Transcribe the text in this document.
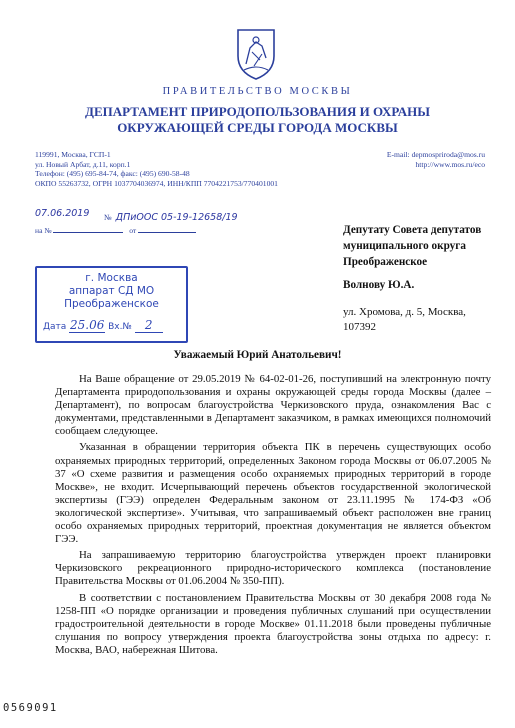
ПРАВИТЕЛЬСТВО МОСКВЫ
ДЕПАРТАМЕНТ ПРИРОДОПОЛЬЗОВАНИЯ И ОХРАНЫ
ОКРУЖАЮЩЕЙ СРЕДЫ ГОРОДА МОСКВЫ
119991, Москва, ГСП-1
ул. Новый Арбат, д.11, корп.1
Телефон: (495) 695-84-74, факс: (495) 690-58-48
ОКПО 55263732, ОГРН 1037704036974, ИНН/КПП 7704221753/770401001
E-mail: depmospriroda@mos.ru
http://www.mos.ru/eco
07.06.2019 № ДПиООС 05-19-12658/19
на №	от	Депутату Совета депутатов
муниципального округа
Преображенское
Волнову Ю.А.
ул. Хромова, д. 5, Москва,
107392
г. Москва
аппарат СД МО
Преображенское
Дата 25.06 Вх.№ 2
Уважаемый Юрий Анатольевич!

На Ваше обращение от 29.05.2019 № 64-02-01-26, поступивший на электронную почту Департамента природопользования и охраны окружающей среды города Москвы (далее – Департамент), по вопросам благоустройства Черкизовского пруда, ознакомления Вас с документами, представленными в Департамент заказчиком, в рамках имеющихся полномочий сообщаем следующее.

Указанная в обращении территория объекта ПК в перечень существующих особо охраняемых природных территорий, определенных Законом города Москвы от 06.07.2005 № 37 «О схеме развития и размещения особо охраняемых природных территорий в городе Москве», не входит. Исчерпывающий перечень объектов государственной экологической экспертизы (ГЭЭ) определен Федеральным законом от 23.11.1995 № 174-ФЗ «Об экологической экспертизе». Учитывая, что запрашиваемый объект расположен вне границ особо охраняемых природных территорий, проектная документация не является объектом ГЭЭ.

На запрашиваемую территорию благоустройства утвержден проект планировки Черкизовского рекреационного природно-исторического комплекса (постановление Правительства Москвы от 01.06.2004 № 350-ПП).

В соответствии с постановлением Правительства Москвы от 30 декабря 2008 года № 1258-ПП «О порядке организации и проведения публичных слушаний при осуществлении градостроительной деятельности в городе Москве» 01.11.2018 были проведены публичные слушания по вопросу утверждения проекта благоустройства зоны отдыха по адресу: г. Москва, ВАО, набережная Шитова.

0569091
